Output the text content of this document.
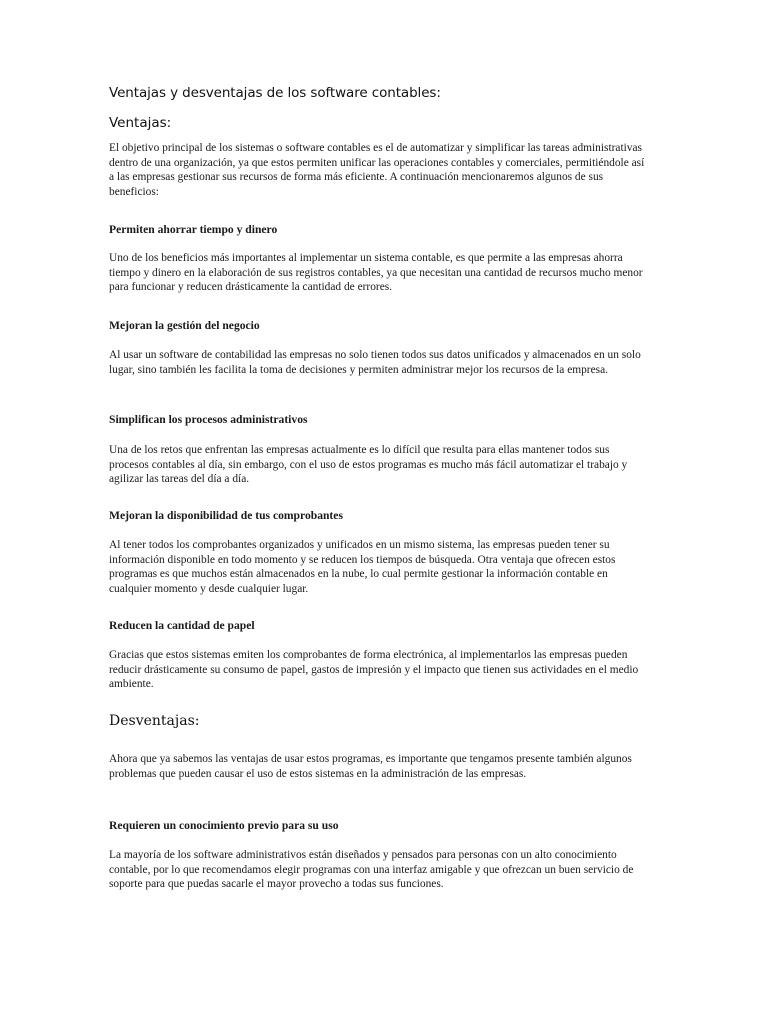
Ventajas y desventajas de los software contables:
Ventajas:

El objetivo principal de los sistemas o software contables es el de automatizar y simplificar las tareas administrativas dentro de una organización, ya que estos permiten unificar las operaciones contables y comerciales, permitiéndole así a las empresas gestionar sus recursos de forma más eficiente. A continuación mencionaremos algunos de sus beneficios:

Permiten ahorrar tiempo y dinero

Uno de los beneficios más importantes al implementar un sistema contable, es que permite a las empresas ahorra tiempo y dinero en la elaboración de sus registros contables, ya que necesitan una cantidad de recursos mucho menor para funcionar y reducen drásticamente la cantidad de errores.

Mejoran la gestión del negocio

Al usar un software de contabilidad las empresas no solo tienen todos sus datos unificados y almacenados en un solo lugar, sino también les facilita la toma de decisiones y permiten administrar mejor los recursos de la empresa.

Simplifican los procesos administrativos

Una de los retos que enfrentan las empresas actualmente es lo difícil que resulta para ellas mantener todos sus procesos contables al día, sin embargo, con el uso de estos programas es mucho más fácil automatizar el trabajo y agilizar las tareas del día a día.

Mejoran la disponibilidad de tus comprobantes

Al tener todos los comprobantes organizados y unificados en un mismo sistema, las empresas pueden tener su información disponible en todo momento y se reducen los tiempos de búsqueda. Otra ventaja que ofrecen estos programas es que muchos están almacenados en la nube, lo cual permite gestionar la información contable en cualquier momento y desde cualquier lugar.

Reducen la cantidad de papel

Gracias que estos sistemas emiten los comprobantes de forma electrónica, al implementarlos las empresas pueden reducir drásticamente su consumo de papel, gastos de impresión y el impacto que tienen sus actividades en el medio ambiente.

Desventajas:

Ahora que ya sabemos las ventajas de usar estos programas, es importante que tengamos presente también algunos problemas que pueden causar el uso de estos sistemas en la administración de las empresas.

Requieren un conocimiento previo para su uso

La mayoría de los software administrativos están diseñados y pensados para personas con un alto conocimiento contable, por lo que recomendamos elegir programas con una interfaz amigable y que ofrezcan un buen servicio de soporte para que puedas sacarle el mayor provecho a todas sus funciones.
